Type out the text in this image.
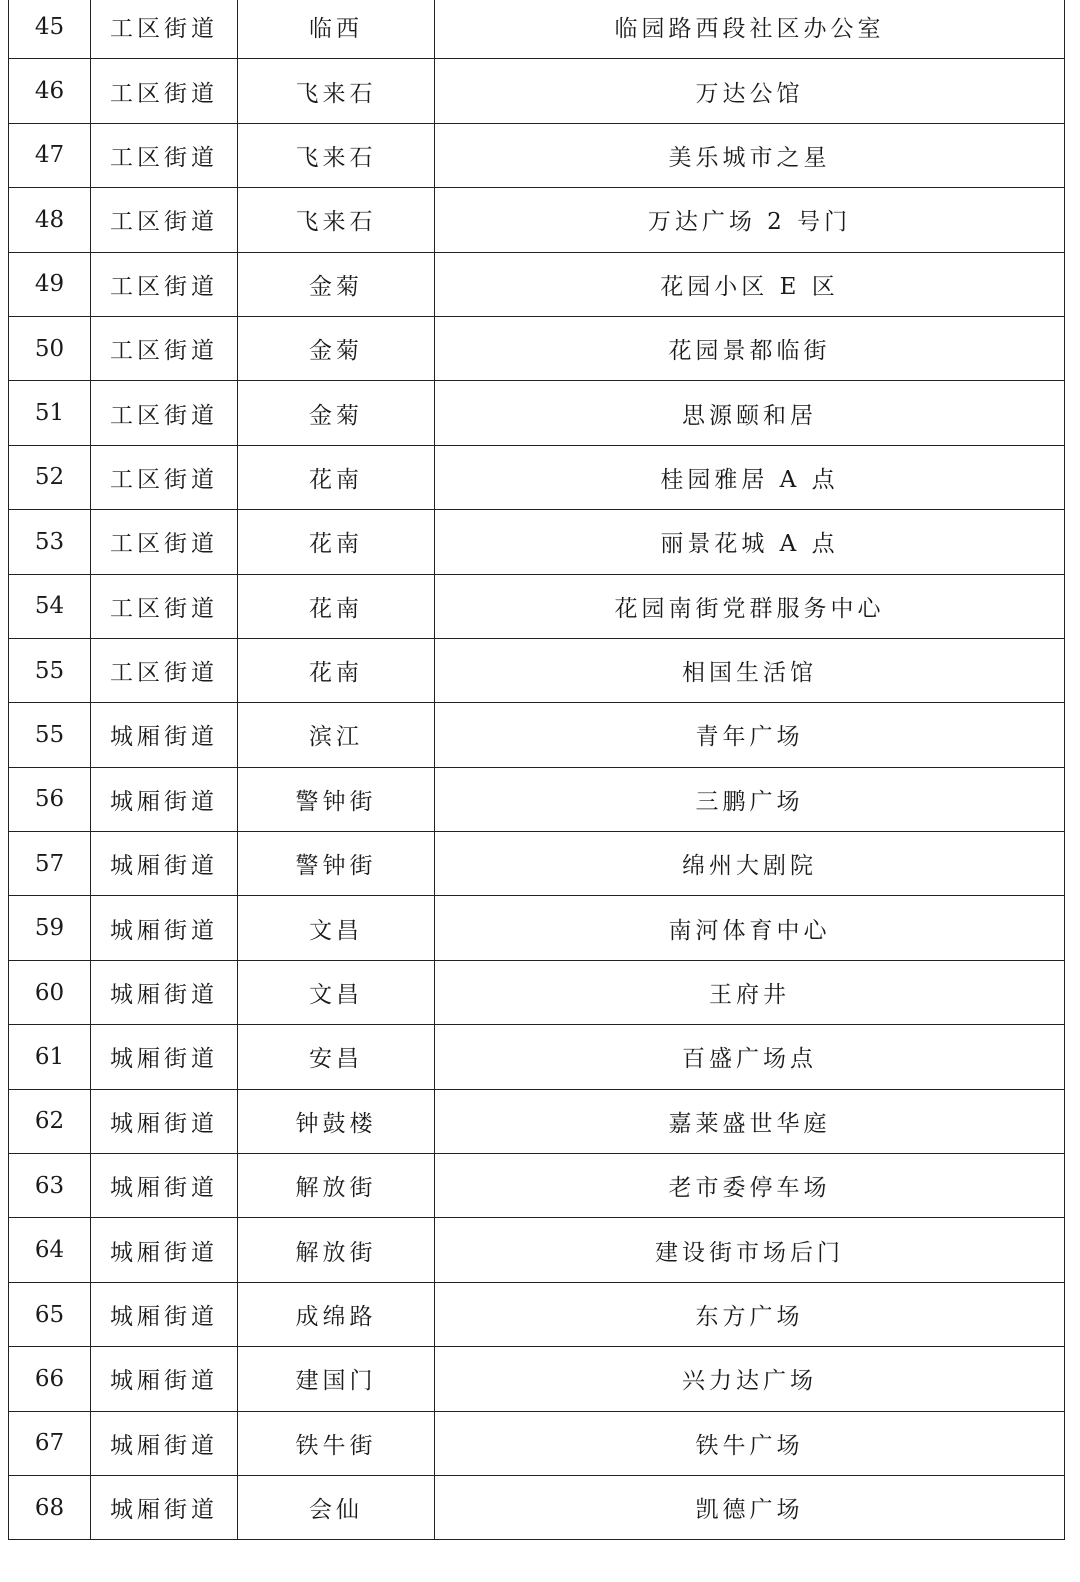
45	工区街道	临西	临园路西段社区办公室
46	工区街道	飞来石	万达公馆
47	工区街道	飞来石	美乐城市之星
48	工区街道	飞来石	万达广场 2 号门
49	工区街道	金菊	花园小区 E 区
50	工区街道	金菊	花园景都临街
51	工区街道	金菊	思源颐和居
52	工区街道	花南	桂园雅居 A 点
53	工区街道	花南	丽景花城 A 点
54	工区街道	花南	花园南街党群服务中心
55	工区街道	花南	相国生活馆
55	城厢街道	滨江	青年广场
56	城厢街道	警钟街	三鹏广场
57	城厢街道	警钟街	绵州大剧院
59	城厢街道	文昌	南河体育中心
60	城厢街道	文昌	王府井
61	城厢街道	安昌	百盛广场点
62	城厢街道	钟鼓楼	嘉莱盛世华庭
63	城厢街道	解放街	老市委停车场
64	城厢街道	解放街	建设街市场后门
65	城厢街道	成绵路	东方广场
66	城厢街道	建国门	兴力达广场
67	城厢街道	铁牛街	铁牛广场
68	城厢街道	会仙	凯德广场
